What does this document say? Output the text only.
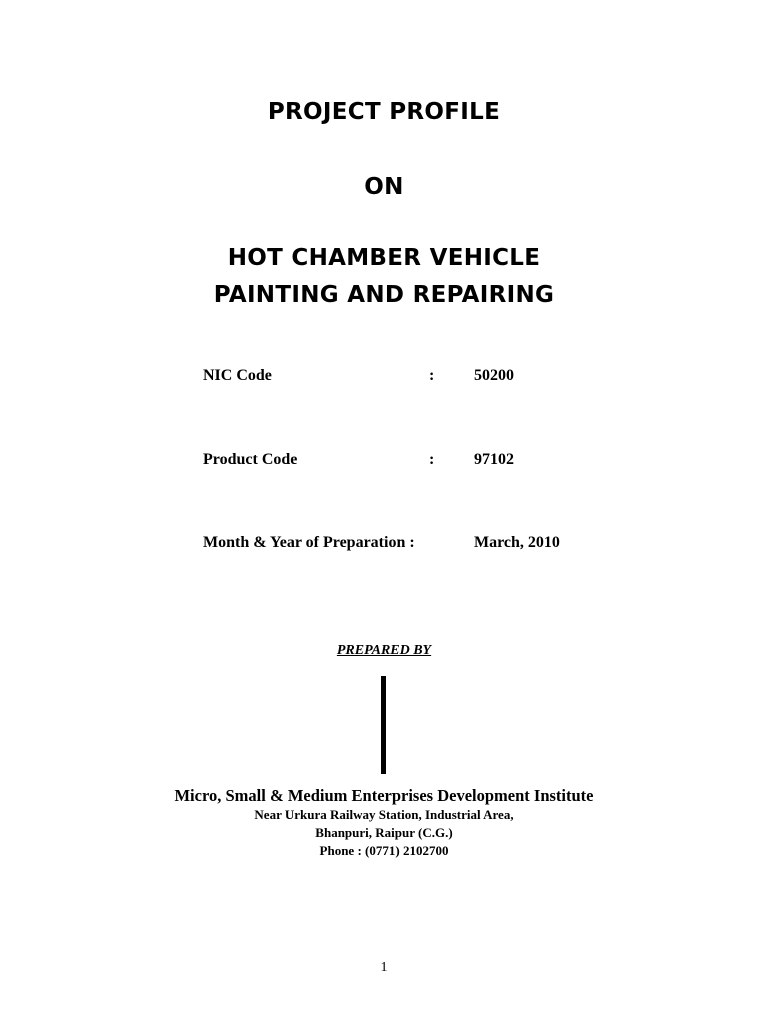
PROJECT PROFILE
ON
HOT CHAMBER VEHICLE
PAINTING AND REPAIRING
NIC Code	: 50200
Product Code	: 97102
Month & Year of Preparation :	March, 2010
PREPARED BY
Micro, Small & Medium Enterprises Development Institute
Near Urkura Railway Station, Industrial Area,
Bhanpuri, Raipur (C.G.)
Phone : (0771) 2102700
1
